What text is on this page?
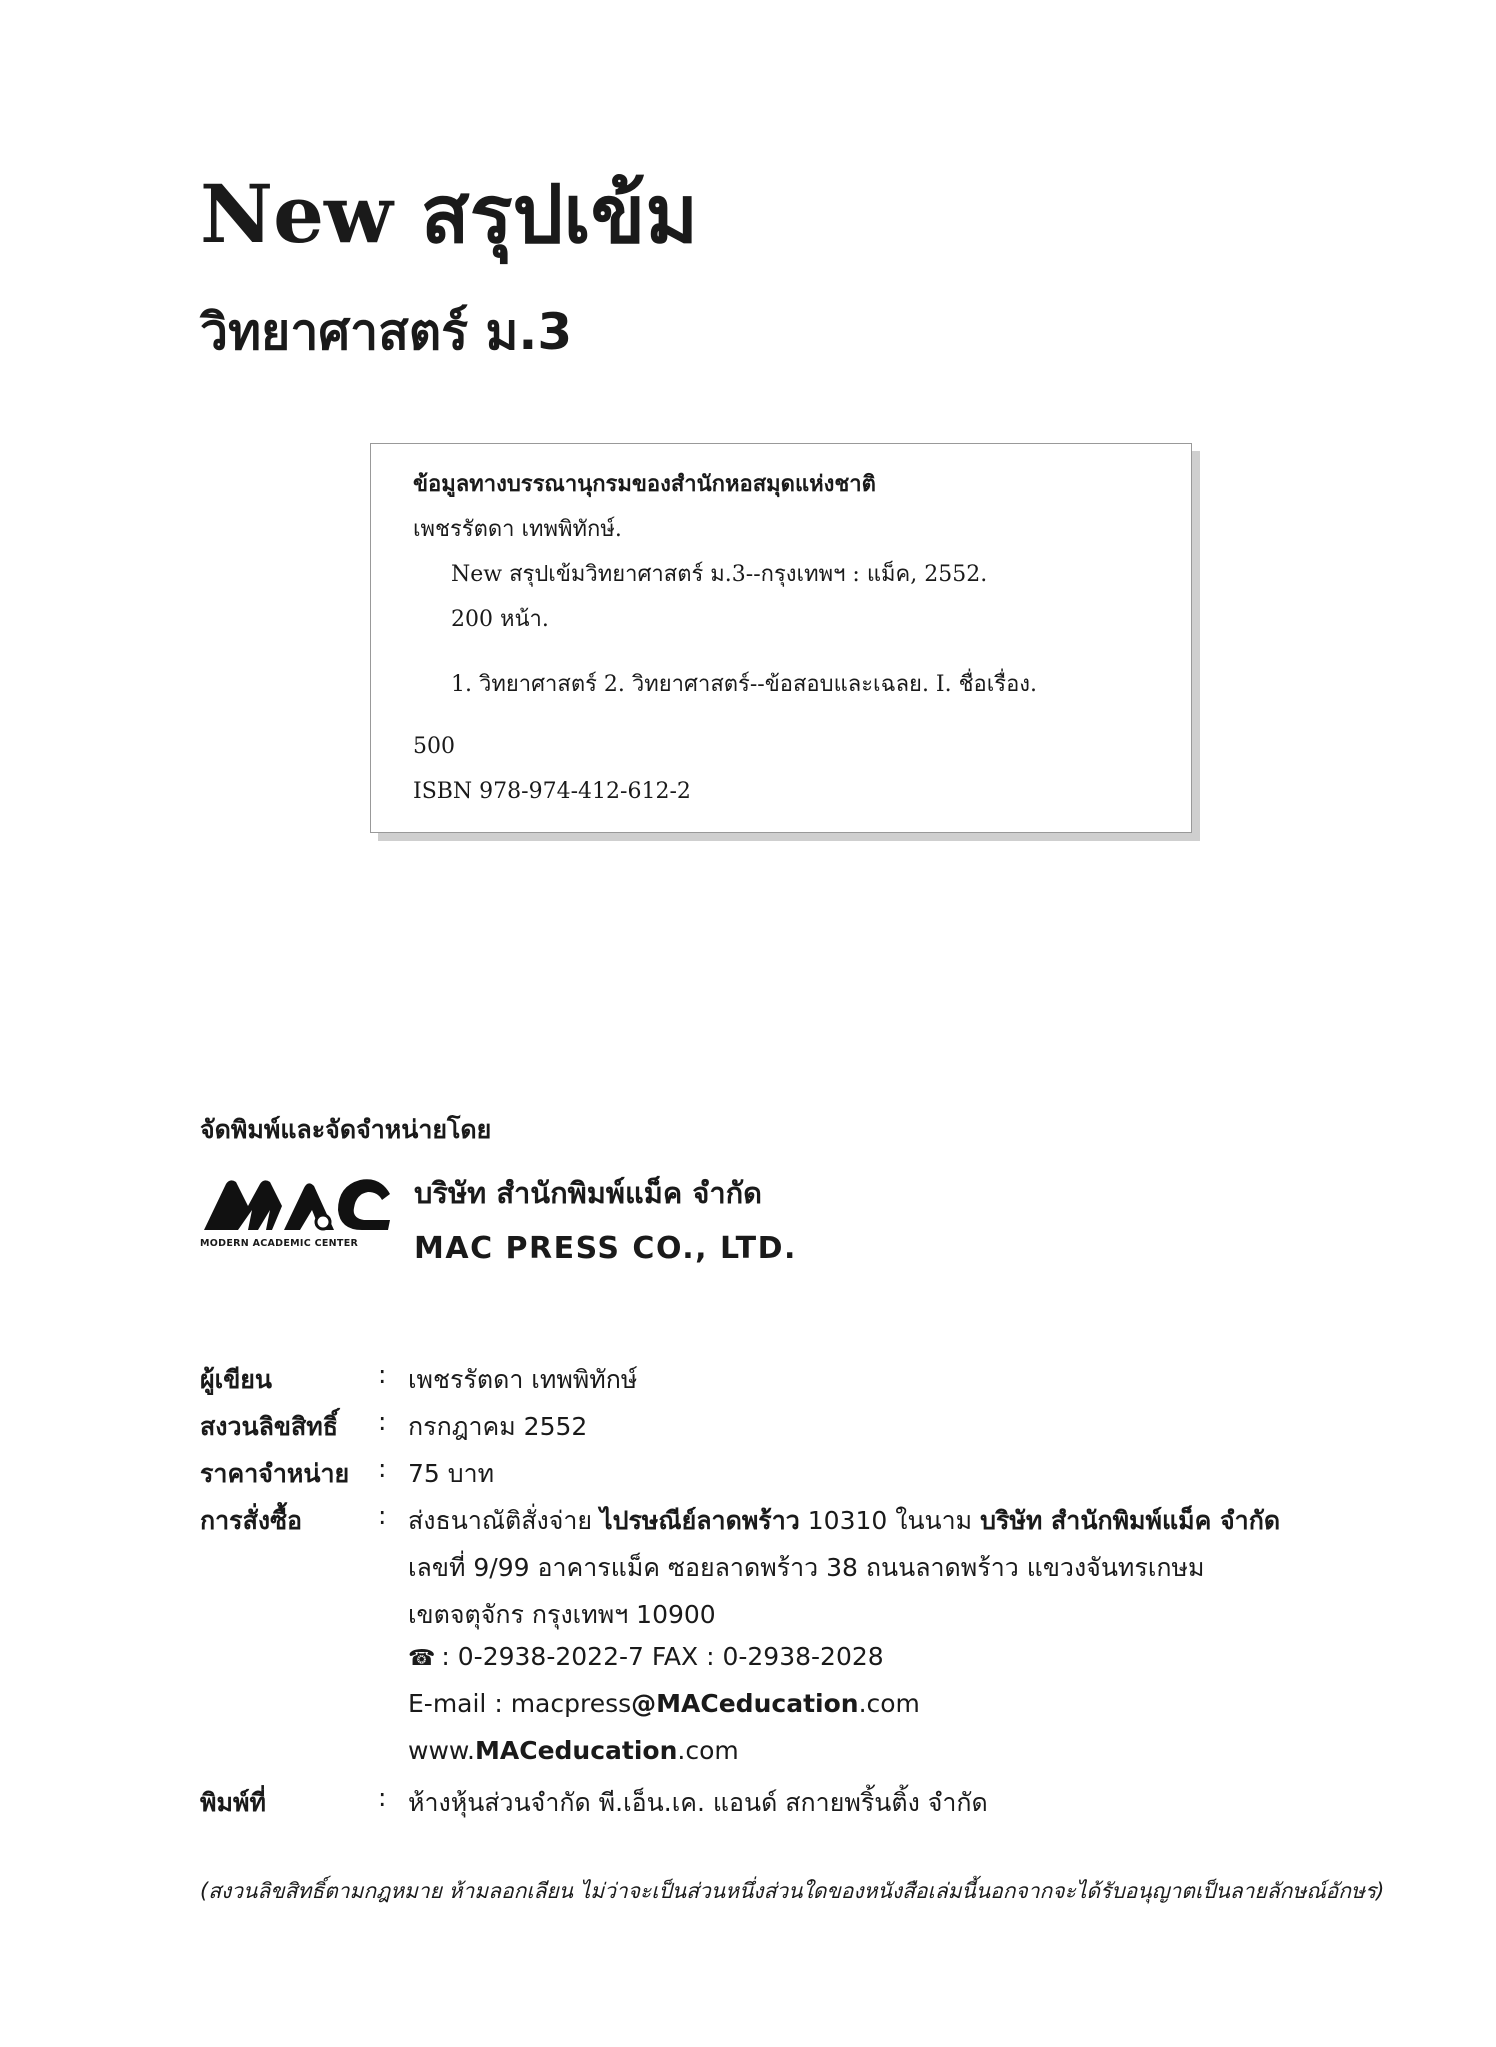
New สรุปเข้ม
วิทยาศาสตร์ ม.3
ข้อมูลทางบรรณานุกรมของสำนักหอสมุดแห่งชาติ
เพชรรัตดา เทพพิทักษ์.
New สรุปเข้มวิทยาศาสตร์ ม.3--กรุงเทพฯ : แม็ค, 2552.
200 หน้า.
1. วิทยาศาสตร์ 2. วิทยาศาสตร์--ข้อสอบและเฉลย. I. ชื่อเรื่อง.
500
ISBN 978-974-412-612-2
จัดพิมพ์และจัดจำหน่ายโดย
MODERN ACADEMIC CENTER
บริษัท สำนักพิมพ์แม็ค จำกัด
MAC PRESS CO., LTD.
ผู้เขียน	: เพชรรัตดา เทพพิทักษ์
สงวนลิขสิทธิ์ : กรกฎาคม 2552
ราคาจำหน่าย : 75 บาท
การสั่งซื้อ	: ส่งธนาณัติสั่งจ่าย ไปรษณีย์ลาดพร้าว 10310 ในนาม บริษัท สำนักพิมพ์แม็ค จำกัด
เลขที่ 9/99 อาคารแม็ค ซอยลาดพร้าว 38 ถนนลาดพร้าว แขวงจันทรเกษม
เขตจตุจักร กรุงเทพฯ 10900
☎ : 0-2938-2022-7 FAX : 0-2938-2028
E-mail : macpress@MACeducation.com
www.MACeducation.com
พิมพ์ที่	: ห้างหุ้นส่วนจำกัด พี.เอ็น.เค. แอนด์ สกายพริ้นติ้ง จำกัด
(สงวนลิขสิทธิ์ตามกฎหมาย ห้ามลอกเลียน ไม่ว่าจะเป็นส่วนหนึ่งส่วนใดของหนังสือเล่มนี้นอกจากจะได้รับอนุญาตเป็นลายลักษณ์อักษร)
